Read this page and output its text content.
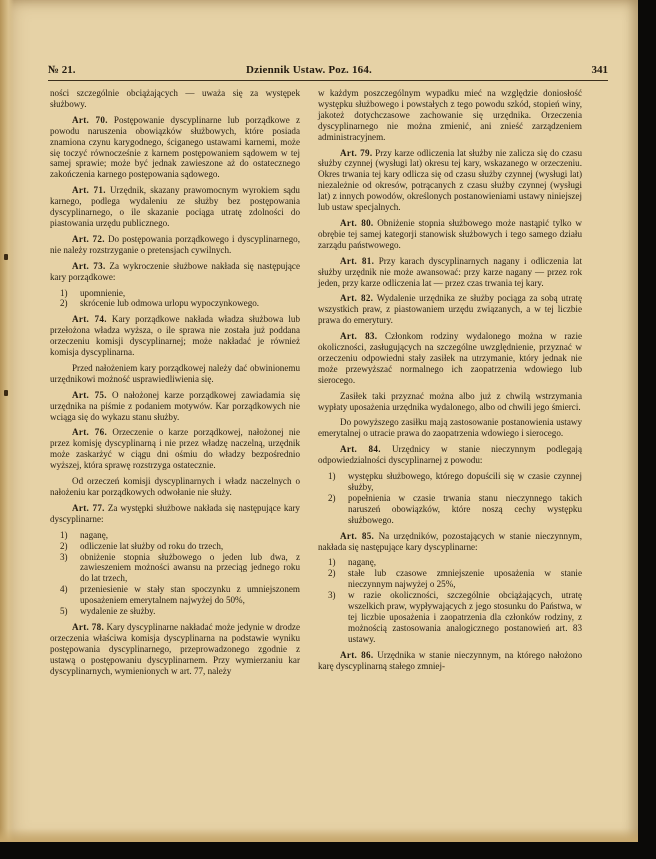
№ 21.	Dziennik Ustaw. Poz. 164.	341

ności szczególnie obciążających — uważa się za występek służbowy.

Art. 70. Postępowanie dyscyplinarne lub porządkowe z powodu naruszenia obowiązków służbowych, które posiada znamiona czynu karygodnego, ściganego ustawami karnemi, może się toczyć równocześnie z karnem postępowaniem sądowem w tej samej sprawie; może być jednak zawieszone aż do ostatecznego zakończenia karnego postępowania sądowego.

Art. 71. Urzędnik, skazany prawomocnym wyrokiem sądu karnego, podlega wydaleniu ze służby bez postępowania dyscyplinarnego, o ile skazanie pociąga utratę zdolności do piastowania urzędu publicznego.

Art. 72. Do postępowania porządkowego i dyscyplinarnego, nie należy rozstrzyganie o pretensjach cywilnych.

Art. 73. Za wykroczenie służbowe nakłada się następujące kary porządkowe:

1) upomnienie,
2) skrócenie lub odmowa urlopu wypoczynkowego.

Art. 74. Kary porządkowe nakłada władza służbowa lub przełożona władza wyższa, o ile sprawa nie została już poddana orzeczeniu komisji dyscyplinarnej; może nakładać je również komisja dyscyplinarna.

Przed nałożeniem kary porządkowej należy dać obwinionemu urzędnikowi możność usprawiedliwienia się.

Art. 75. O nałożonej karze porządkowej zawiadamia się urzędnika na piśmie z podaniem motywów. Kar porządkowych nie wciąga się do wykazu stanu służby.

Art. 76. Orzeczenie o karze porządkowej, nałożonej nie przez komisję dyscyplinarną i nie przez władzę naczelną, urzędnik może zaskarżyć w ciągu dni ośmiu do władzy bezpośrednio wyższej, która sprawę rozstrzyga ostatecznie.

Od orzeczeń komisji dyscyplinarnych i władz naczelnych o nałożeniu kar porządkowych odwołanie nie służy.

Art. 77. Za występki służbowe nakłada się następujące kary dyscyplinarne:

1) naganę,
2) odliczenie lat służby od roku do trzech,
3) obniżenie stopnia służbowego o jeden lub dwa, z zawieszeniem możności awansu na przeciąg jednego roku do lat trzech,
4) przeniesienie w stały stan spoczynku z umniejszonem uposażeniem emerytalnem najwyżej do 50%,
5) wydalenie ze służby.

Art. 78. Kary dyscyplinarne nakładać może jedynie w drodze orzeczenia właściwa komisja dyscyplinarna na podstawie wyniku postępowania dyscyplinarnego, przeprowadzonego zgodnie z ustawą o postępowaniu dyscyplinarnem. Przy wymierzaniu kar dyscyplinarnych, wymienionych w art. 77, należy

w każdym poszczególnym wypadku mieć na względzie doniosłość występku służbowego i powstałych z tego powodu szkód, stopień winy, jakoteż dotychczasowe zachowanie się urzędnika. Orzeczenia dyscyplinarnego nie można zmienić, ani znieść zarządzeniem administracyjnem.

Art. 79. Przy karze odliczenia lat służby nie zalicza się do czasu służby czynnej (wysługi lat) okresu tej kary, wskazanego w orzeczeniu. Okres trwania tej kary odlicza się od czasu służby czynnej (wysługi lat) niezależnie od okresów, potrącanych z czasu służby czynnej (wysługi lat) z innych powodów, określonych postanowieniami ustawy niniejszej lub ustaw specjalnych.

Art. 80. Obniżenie stopnia służbowego może nastąpić tylko w obrębie tej samej kategorji stanowisk służbowych i tego samego działu zarządu państwowego.

Art. 81. Przy karach dyscyplinarnych nagany i odliczenia lat służby urzędnik nie może awansować: przy karze nagany — przez rok jeden, przy karze odliczenia lat — przez czas trwania tej kary.

Art. 82. Wydalenie urzędnika ze służby pociąga za sobą utratę wszystkich praw, z piastowaniem urzędu związanych, a w tej liczbie prawa do emerytury.

Art. 83. Członkom rodziny wydalonego można w razie okoliczności, zasługujących na szczególne uwzględnienie, przyznać w orzeczeniu odpowiedni stały zasiłek na utrzymanie, który jednak nie może przewyższać normalnego ich zaopatrzenia wdowiego lub sierocego.

Zasiłek taki przyznać można albo już z chwilą wstrzymania wypłaty uposażenia urzędnika wydalonego, albo od chwili jego śmierci.

Do powyższego zasiłku mają zastosowanie postanowienia ustawy emerytalnej o utracie prawa do zaopatrzenia wdowiego i sierocego.

Art. 84. Urzędnicy w stanie nieczynnym podlegają odpowiedzialności dyscyplinarnej z powodu:

1) występku służbowego, którego dopuścili się w czasie czynnej służby,
2) popełnienia w czasie trwania stanu nieczynnego takich naruszeń obowiązków, które noszą cechy występku służbowego.

Art. 85. Na urzędników, pozostających w stanie nieczynnym, nakłada się następujące kary dyscyplinarne:

1) naganę,
2) stałe lub czasowe zmniejszenie uposażenia w stanie nieczynnym najwyżej o 25%,
3) w razie okoliczności, szczególnie obciążających, utratę wszelkich praw, wypływających z jego stosunku do Państwa, w tej liczbie uposażenia i zaopatrzenia dla członków rodziny, z możnością zastosowania analogicznego postanowień art. 83 ustawy.

Art. 86. Urzędnika w stanie nieczynnym, na którego nałożono karę dyscyplinarną stałego zmniej-
